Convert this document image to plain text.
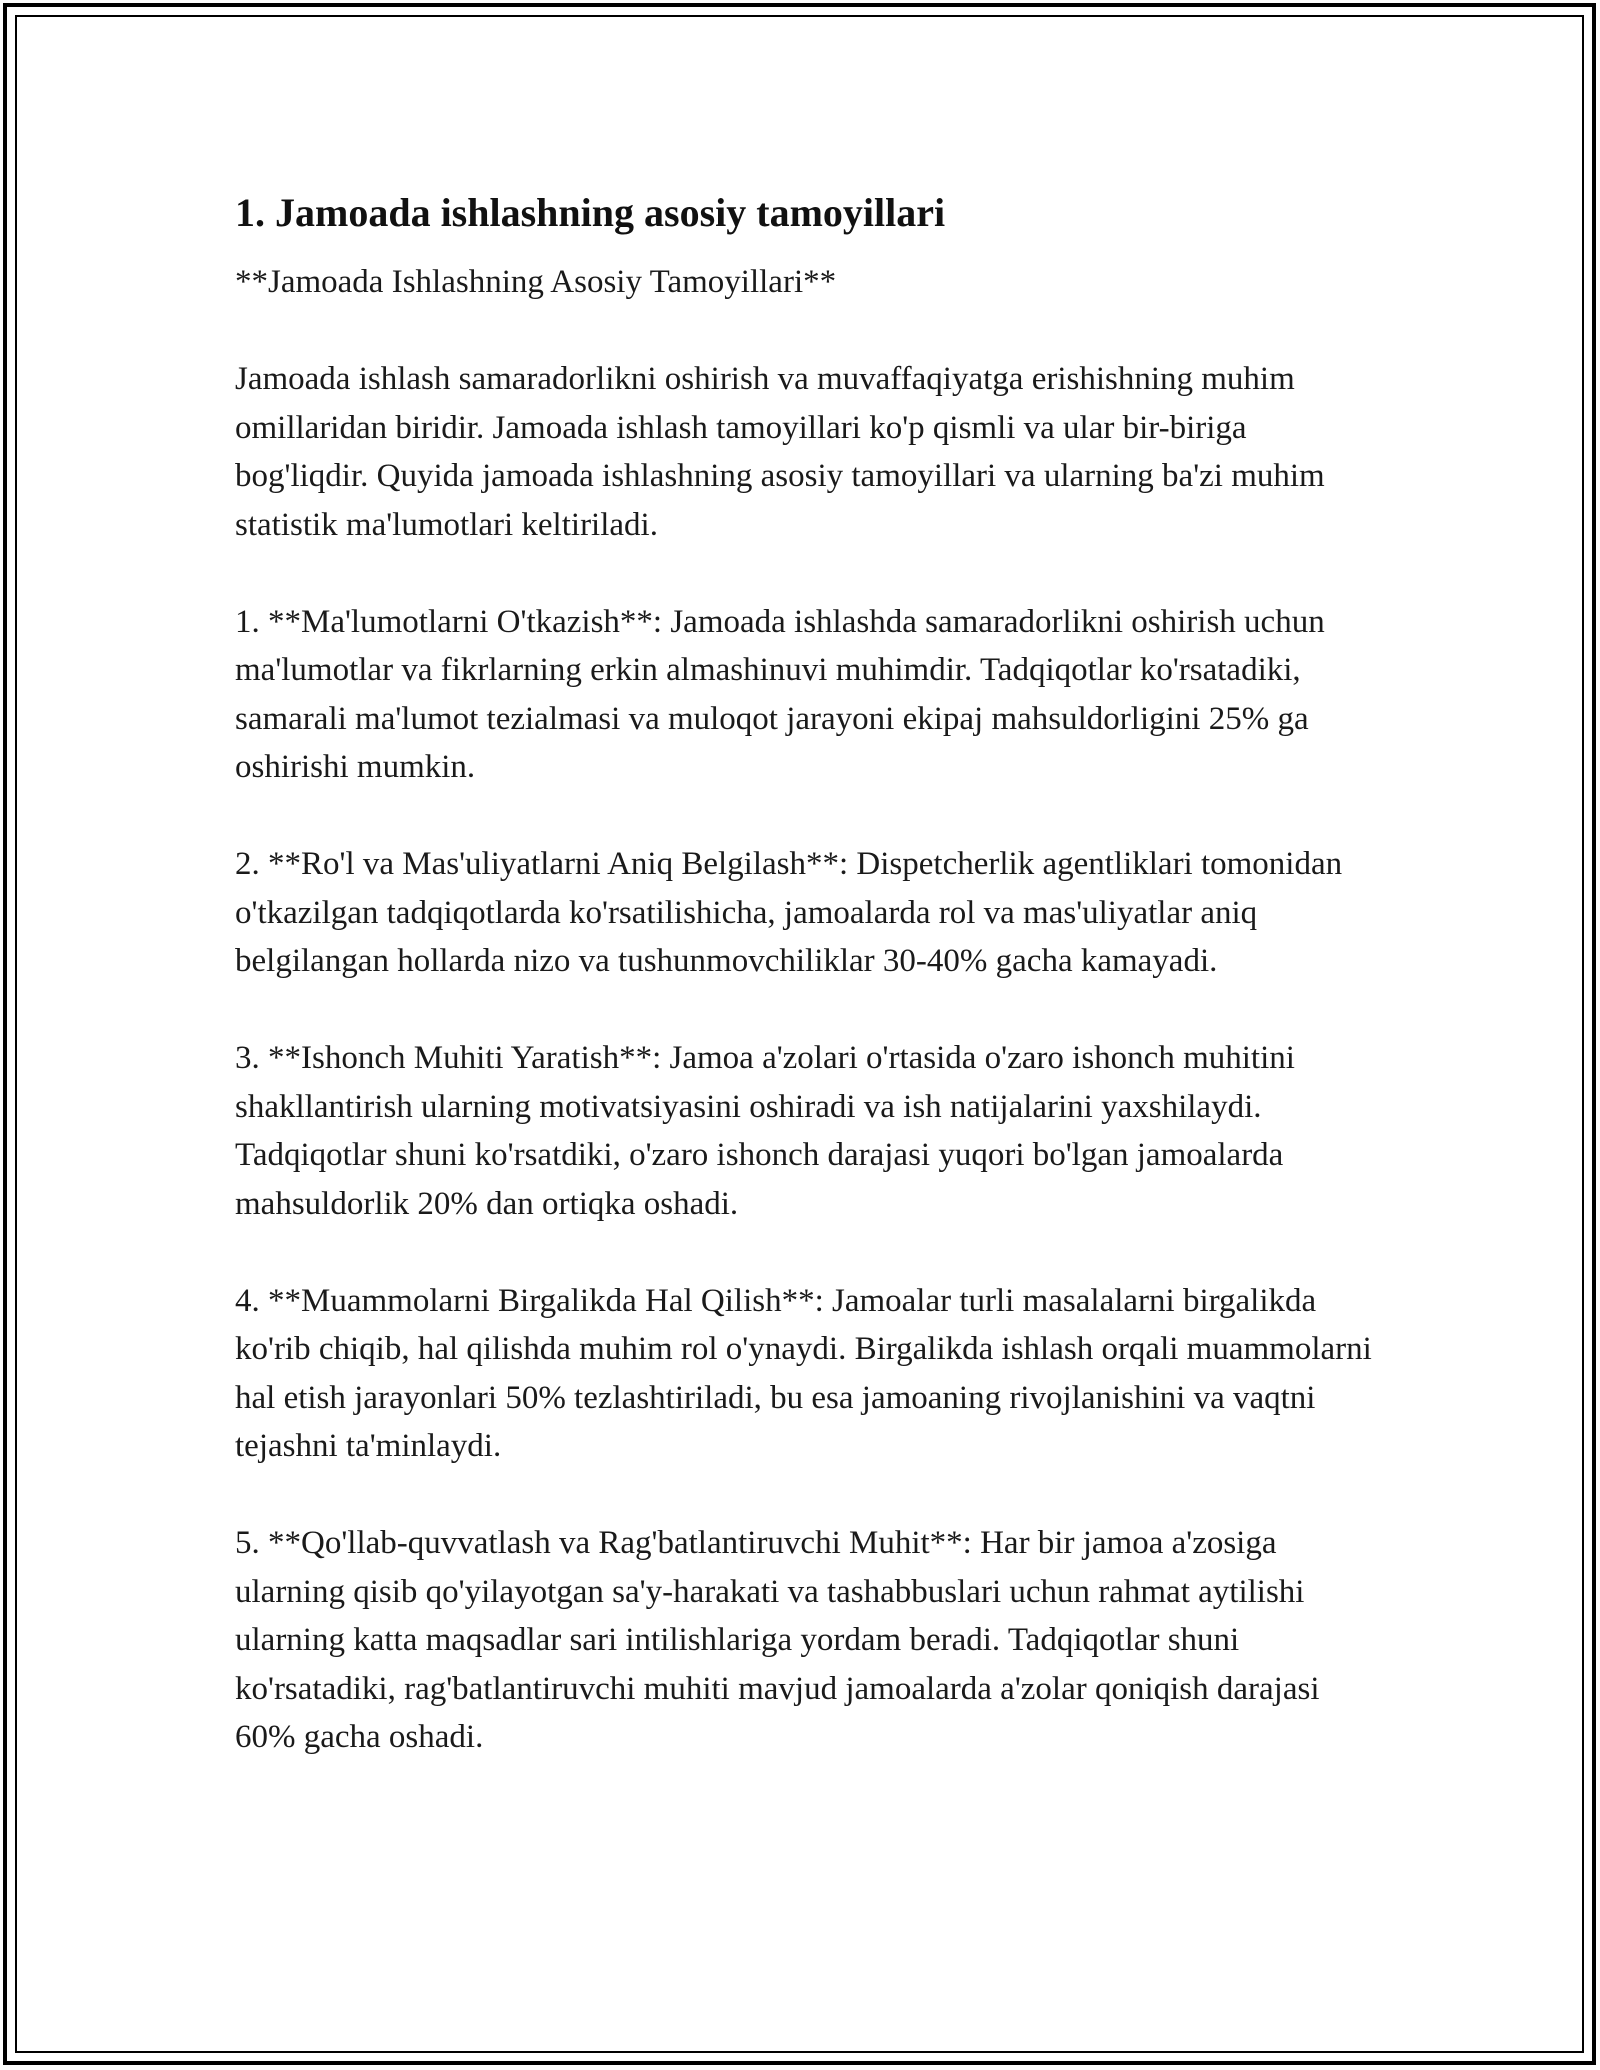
1. Jamoada ishlashning asosiy tamoyillari

**Jamoada Ishlashning Asosiy Tamoyillari**

Jamoada ishlash samaradorlikni oshirish va muvaffaqiyatga erishishning muhim omillaridan biridir. Jamoada ishlash tamoyillari ko'p qismli va ular bir-biriga bog'liqdir. Quyida jamoada ishlashning asosiy tamoyillari va ularning ba'zi muhim statistik ma'lumotlari keltiriladi.

1. **Ma'lumotlarni O'tkazish**: Jamoada ishlashda samaradorlikni oshirish uchun ma'lumotlar va fikrlarning erkin almashinuvi muhimdir. Tadqiqotlar ko'rsatadiki, samarali ma'lumot tezialmasi va muloqot jarayoni ekipaj mahsuldorligini 25% ga oshirishi mumkin.

2. **Ro'l va Mas'uliyatlarni Aniq Belgilash**: Dispetcherlik agentliklari tomonidan o'tkazilgan tadqiqotlarda ko'rsatilishicha, jamoalarda rol va mas'uliyatlar aniq belgilangan hollarda nizo va tushunmovchiliklar 30-40% gacha kamayadi.

3. **Ishonch Muhiti Yaratish**: Jamoa a'zolari o'rtasida o'zaro ishonch muhitini shakllantirish ularning motivatsiyasini oshiradi va ish natijalarini yaxshilaydi. Tadqiqotlar shuni ko'rsatdiki, o'zaro ishonch darajasi yuqori bo'lgan jamoalarda mahsuldorlik 20% dan ortiqka oshadi.

4. **Muammolarni Birgalikda Hal Qilish**: Jamoalar turli masalalarni birgalikda ko'rib chiqib, hal qilishda muhim rol o'ynaydi. Birgalikda ishlash orqali muammolarni hal etish jarayonlari 50% tezlashtiriladi, bu esa jamoaning rivojlanishini va vaqtni tejashni ta'minlaydi.

5. **Qo'llab-quvvatlash va Rag'batlantiruvchi Muhit**: Har bir jamoa a'zosiga ularning qisib qo'yilayotgan sa'y-harakati va tashabbuslari uchun rahmat aytilishi ularning katta maqsadlar sari intilishlariga yordam beradi. Tadqiqotlar shuni ko'rsatadiki, rag'batlantiruvchi muhiti mavjud jamoalarda a'zolar qoniqish darajasi 60% gacha oshadi.
